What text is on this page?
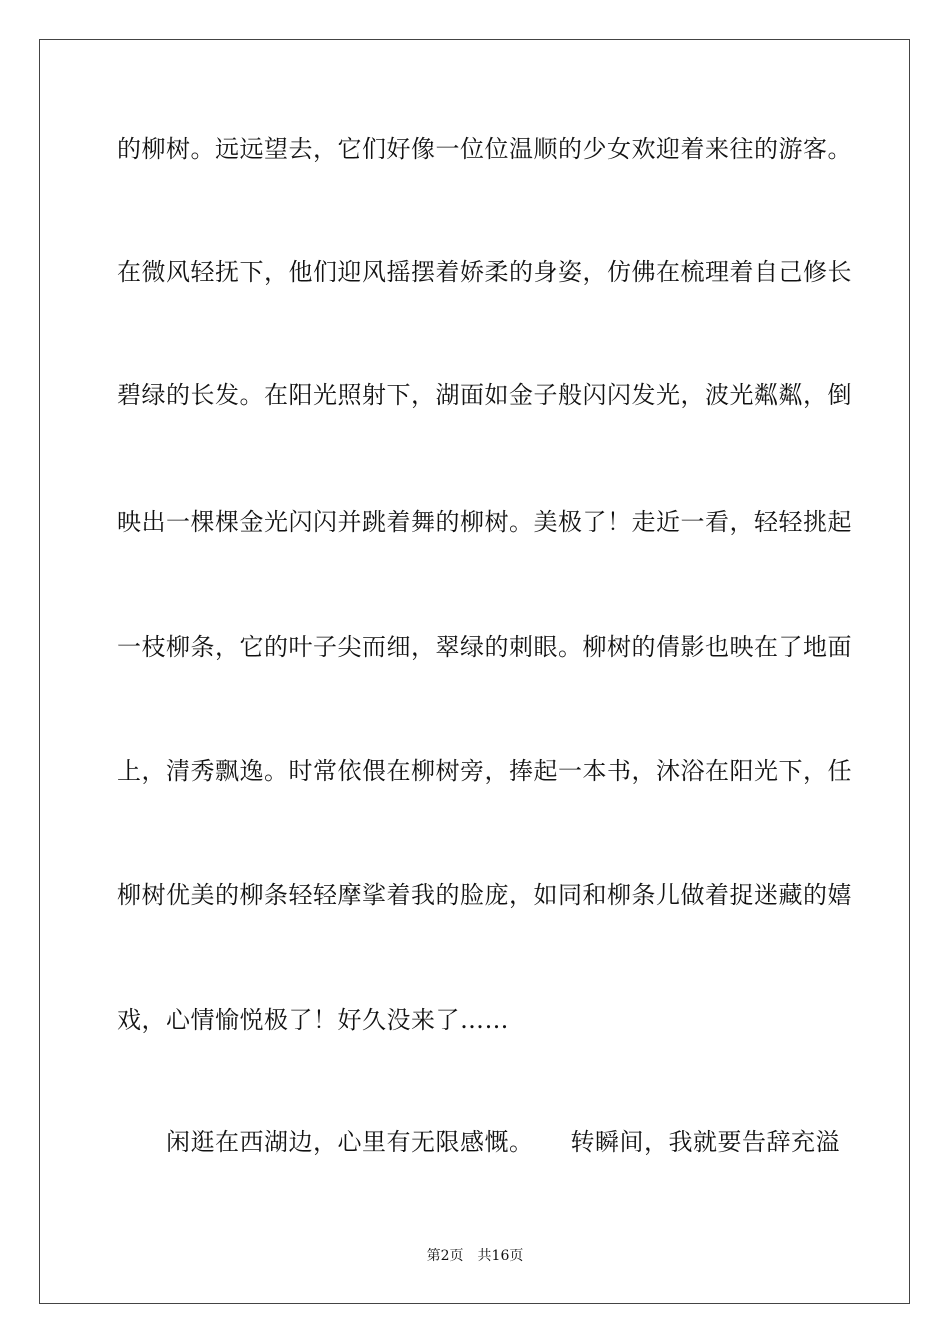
的柳树。远远望去，它们好像一位位温顺的少女欢迎着来往的游客。
在微风轻抚下，他们迎风摇摆着娇柔的身姿，仿佛在梳理着自己修长
碧绿的长发。在阳光照射下，湖面如金子般闪闪发光，波光粼粼，倒
映出一棵棵金光闪闪并跳着舞的柳树。美极了！走近一看，轻轻挑起
一枝柳条，它的叶子尖而细，翠绿的刺眼。柳树的倩影也映在了地面
上，清秀飘逸。时常依偎在柳树旁，捧起一本书，沐浴在阳光下，任
柳树优美的柳条轻轻摩挲着我的脸庞，如同和柳条儿做着捉迷藏的嬉
戏，心情愉悦极了！好久没来了……
闲逛在西湖边，心里有无限感慨。　　转瞬间，我就要告辞充溢
第2页　共16页
